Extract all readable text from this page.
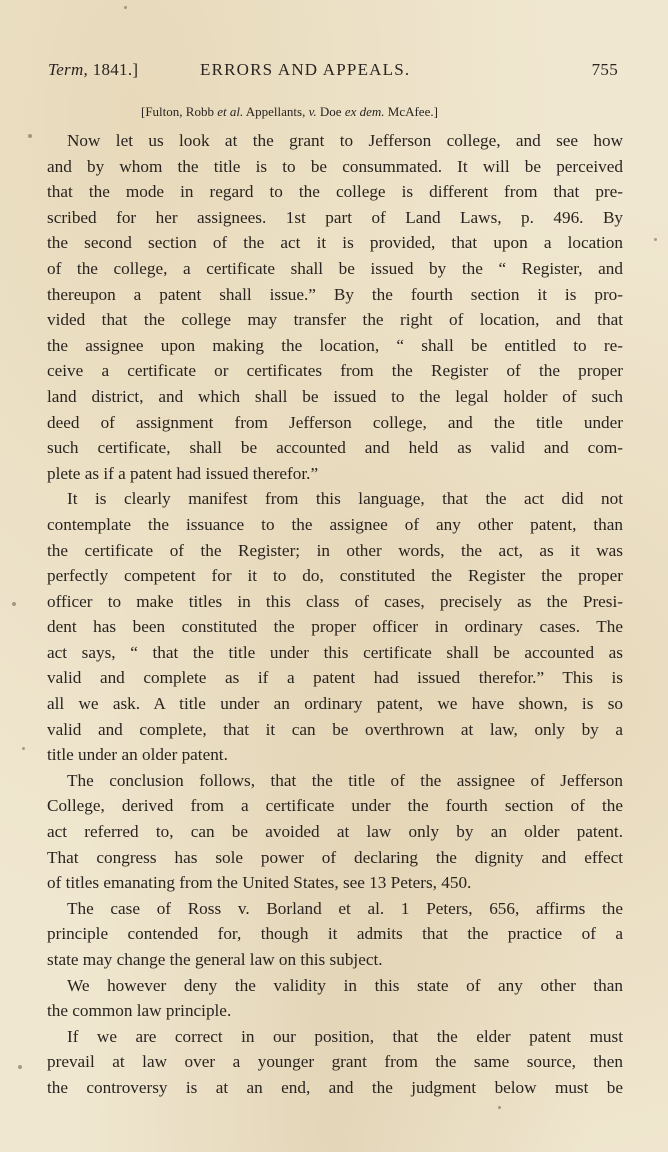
Term, 1841.]	ERRORS AND APPEALS.	755
[Fulton, Robb et al. Appellants, v. Doe ex dem. McAfee.]
Now let us look at the grant to Jefferson college, and see how
and by whom the title is to be consummated. It will be perceived
that the mode in regard to the college is different from that pre-
scribed for her assignees. 1st part of Land Laws, p. 496. By
the second section of the act it is provided, that upon a location
of the college, a certificate shall be issued by the “ Register, and
thereupon a patent shall issue.” By the fourth section it is pro-
vided that the college may transfer the right of location, and that
the assignee upon making the location, “ shall be entitled to re-
ceive a certificate or certificates from the Register of the proper
land district, and which shall be issued to the legal holder of such
deed of assignment from Jefferson college, and the title under
such certificate, shall be accounted and held as valid and com-
plete as if a patent had issued therefor.”
It is clearly manifest from this language, that the act did not
contemplate the issuance to the assignee of any other patent, than
the certificate of the Register; in other words, the act, as it was
perfectly competent for it to do, constituted the Register the proper
officer to make titles in this class of cases, precisely as the Presi-
dent has been constituted the proper officer in ordinary cases. The
act says, “ that the title under this certificate shall be accounted as
valid and complete as if a patent had issued therefor.” This is
all we ask. A title under an ordinary patent, we have shown, is so
valid and complete, that it can be overthrown at law, only by a
title under an older patent.
The conclusion follows, that the title of the assignee of Jefferson
College, derived from a certificate under the fourth section of the
act referred to, can be avoided at law only by an older patent.
That congress has sole power of declaring the dignity and effect
of titles emanating from the United States, see 13 Peters, 450.
The case of Ross v. Borland et al. 1 Peters, 656, affirms the
principle contended for, though it admits that the practice of a
state may change the general law on this subject.
We however deny the validity in this state of any other than
the common law principle.
If we are correct in our position, that the elder patent must
prevail at law over a younger grant from the same source, then
the controversy is at an end, and the judgment below must be
